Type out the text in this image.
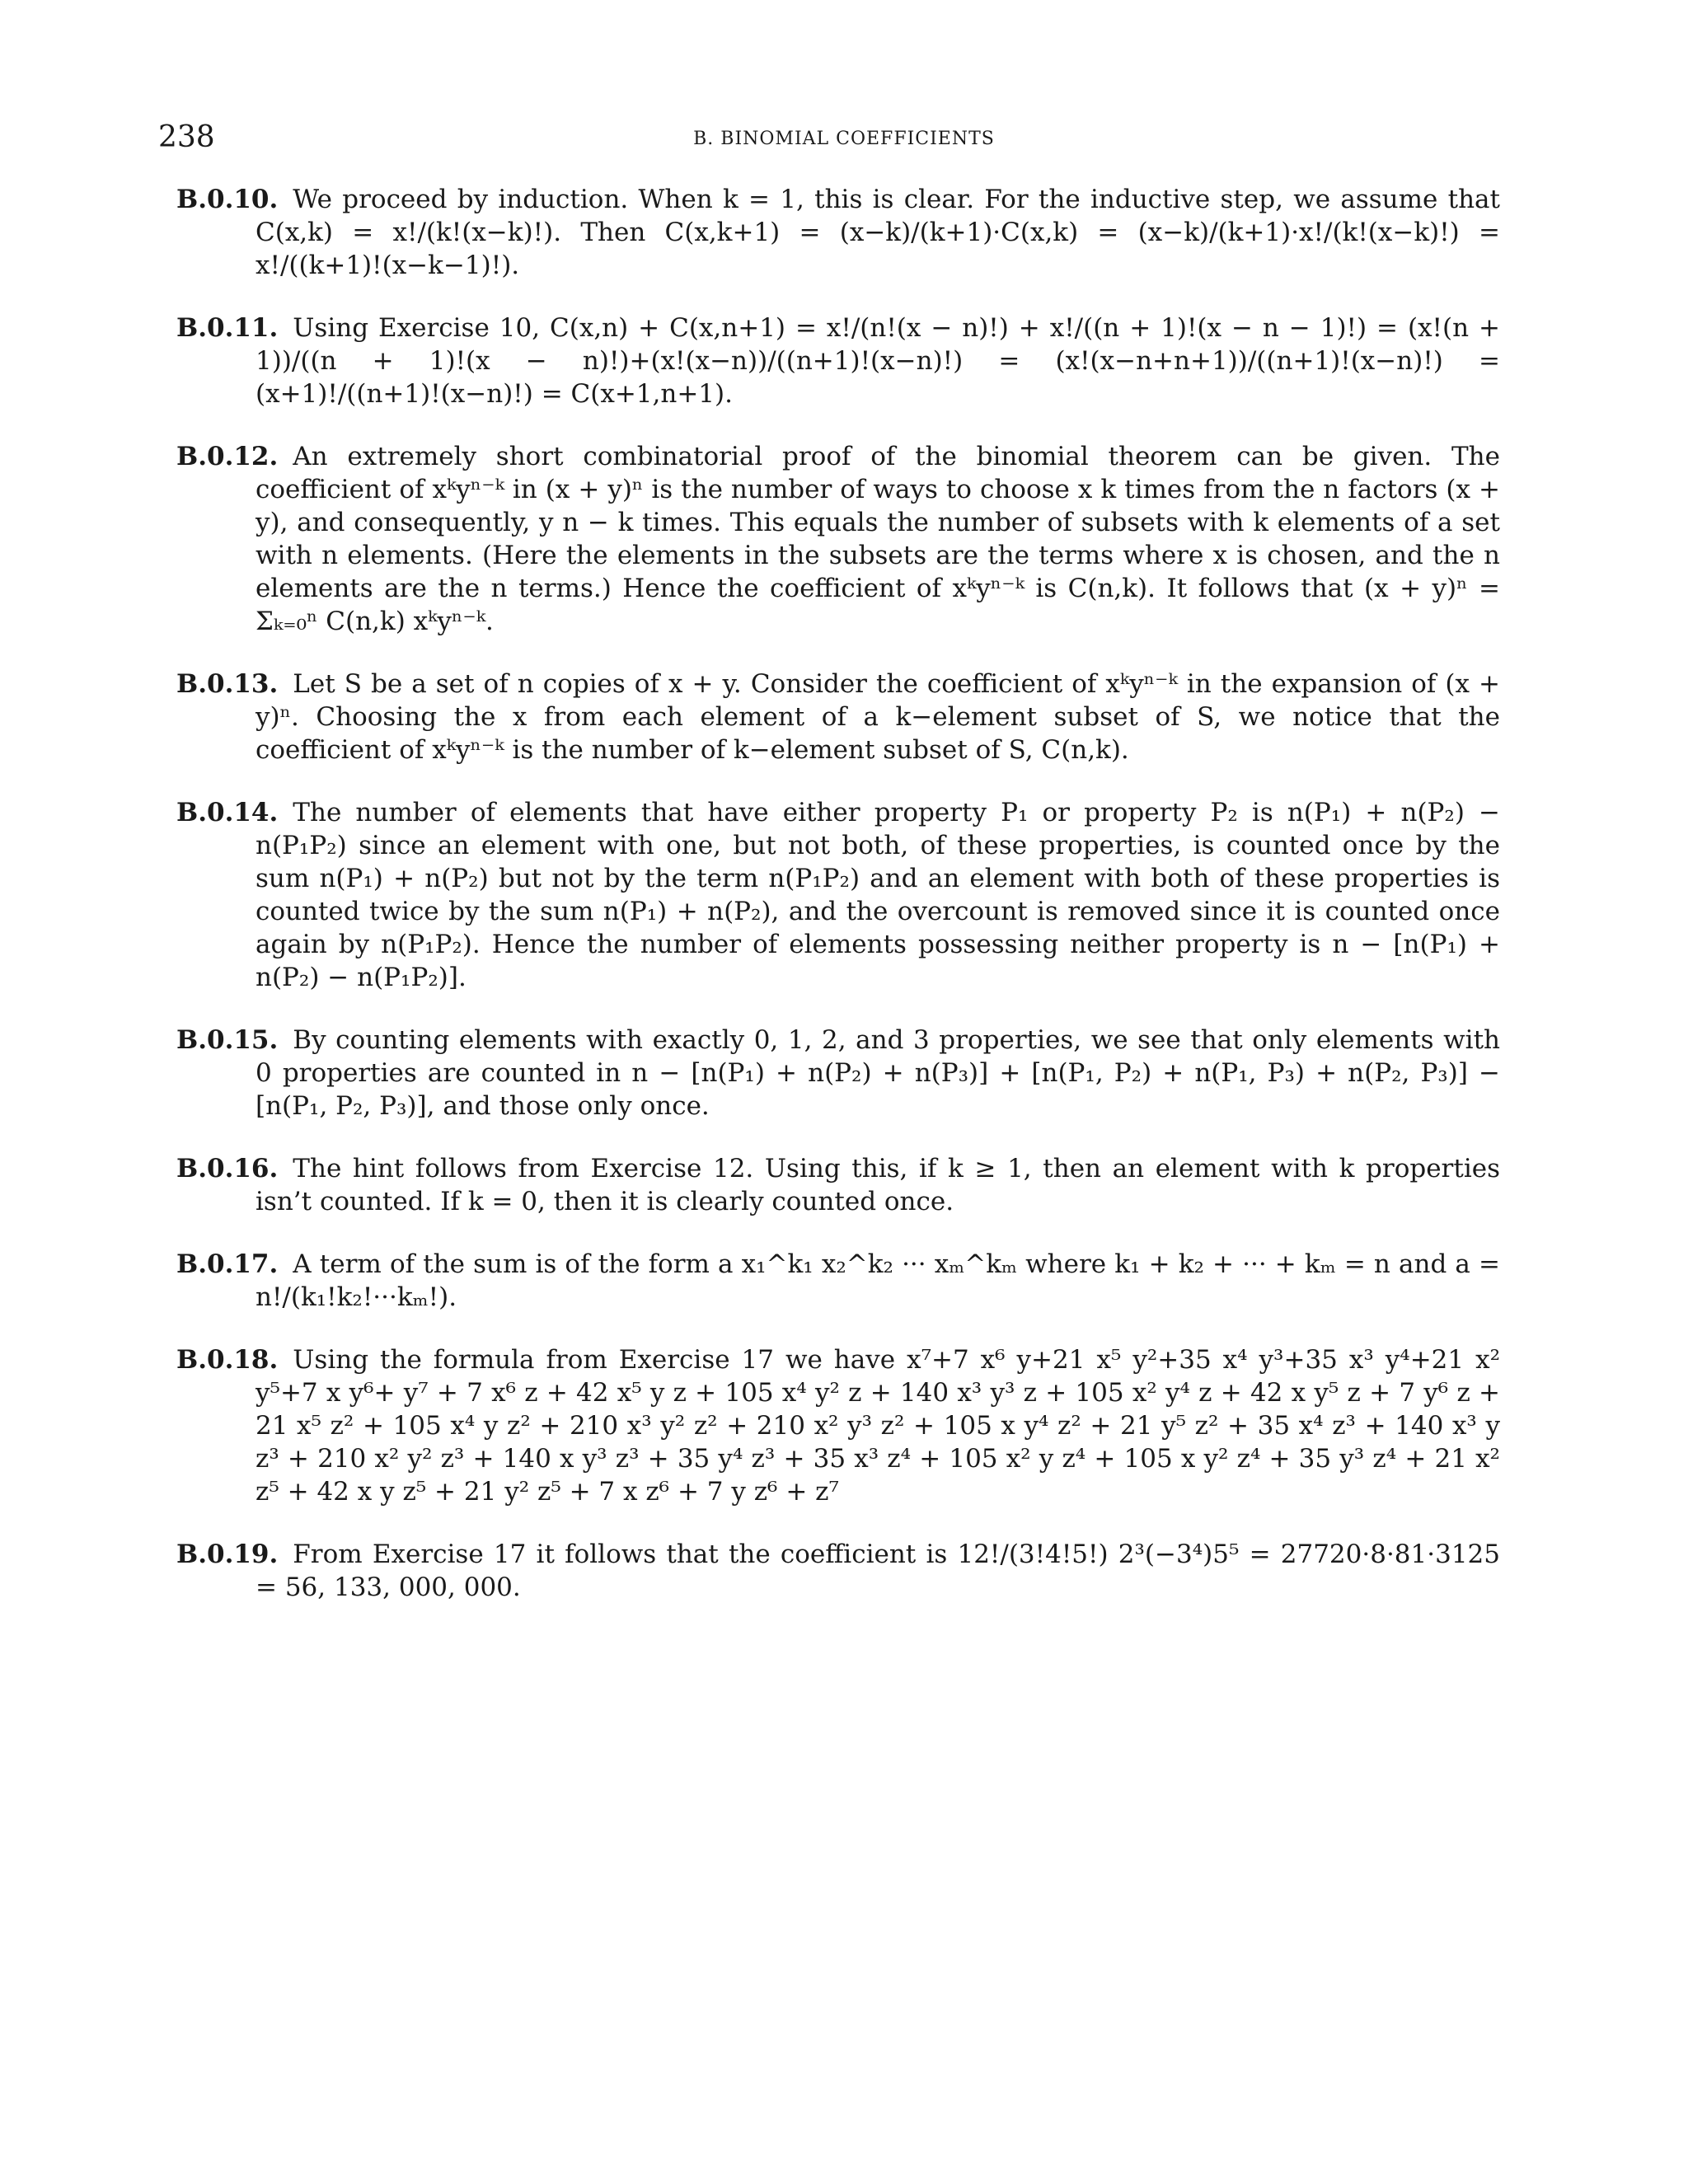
238	B. BINOMIAL COEFFICIENTS

B.0.10. We proceed by induction. When k = 1, this is clear. For the inductive step, we assume that C(x,k) = x!/(k!(x−k)!). Then C(x,k+1) = (x−k)/(k+1)·C(x,k) = (x−k)/(k+1)·x!/(k!(x−k)!) = x!/((k+1)!(x−k−1)!).

B.0.11. Using Exercise 10, C(x,n) + C(x,n+1) = x!/(n!(x − n)!) + x!/((n + 1)!(x − n − 1)!) = (x!(n + 1))/((n + 1)!(x − n)!)+(x!(x−n))/((n+1)!(x−n)!) = (x!(x−n+n+1))/((n+1)!(x−n)!) = (x+1)!/((n+1)!(x−n)!) = C(x+1,n+1).

B.0.12. An extremely short combinatorial proof of the binomial theorem can be given. The coefficient of xᵏyⁿ⁻ᵏ in (x + y)ⁿ is the number of ways to choose x k times from the n factors (x + y), and consequently, y n − k times. This equals the number of subsets with k elements of a set with n elements. (Here the elements in the subsets are the terms where x is chosen, and the n elements are the n terms.) Hence the coefficient of xᵏyⁿ⁻ᵏ is C(n,k). It follows that (x + y)ⁿ = Σₖ₌₀ⁿ C(n,k) xᵏyⁿ⁻ᵏ.

B.0.13. Let S be a set of n copies of x + y. Consider the coefficient of xᵏyⁿ⁻ᵏ in the expansion of (x + y)ⁿ. Choosing the x from each element of a k−element subset of S, we notice that the coefficient of xᵏyⁿ⁻ᵏ is the number of k−element subset of S, C(n,k).

B.0.14. The number of elements that have either property P₁ or property P₂ is n(P₁) + n(P₂) − n(P₁P₂) since an element with one, but not both, of these properties, is counted once by the sum n(P₁) + n(P₂) but not by the term n(P₁P₂) and an element with both of these properties is counted twice by the sum n(P₁) + n(P₂), and the overcount is removed since it is counted once again by n(P₁P₂). Hence the number of elements possessing neither property is n − [n(P₁) + n(P₂) − n(P₁P₂)].

B.0.15. By counting elements with exactly 0, 1, 2, and 3 properties, we see that only elements with 0 properties are counted in n − [n(P₁) + n(P₂) + n(P₃)] + [n(P₁, P₂) + n(P₁, P₃) + n(P₂, P₃)] − [n(P₁, P₂, P₃)], and those only once.

B.0.16. The hint follows from Exercise 12. Using this, if k ≥ 1, then an element with k properties isn’t counted. If k = 0, then it is clearly counted once.

B.0.17. A term of the sum is of the form a x₁^k₁ x₂^k₂ ··· xₘ^kₘ where k₁ + k₂ + ··· + kₘ = n and a = n!/(k₁!k₂!···kₘ!).

B.0.18. Using the formula from Exercise 17 we have x⁷+7 x⁶ y+21 x⁵ y²+35 x⁴ y³+35 x³ y⁴+21 x² y⁵+7 x y⁶+ y⁷ + 7 x⁶ z + 42 x⁵ y z + 105 x⁴ y² z + 140 x³ y³ z + 105 x² y⁴ z + 42 x y⁵ z + 7 y⁶ z + 21 x⁵ z² + 105 x⁴ y z² + 210 x³ y² z² + 210 x² y³ z² + 105 x y⁴ z² + 21 y⁵ z² + 35 x⁴ z³ + 140 x³ y z³ + 210 x² y² z³ + 140 x y³ z³ + 35 y⁴ z³ + 35 x³ z⁴ + 105 x² y z⁴ + 105 x y² z⁴ + 35 y³ z⁴ + 21 x² z⁵ + 42 x y z⁵ + 21 y² z⁵ + 7 x z⁶ + 7 y z⁶ + z⁷

B.0.19. From Exercise 17 it follows that the coefficient is 12!/(3!4!5!) 2³(−3⁴)5⁵ = 27720·8·81·3125 = 56, 133, 000, 000.
